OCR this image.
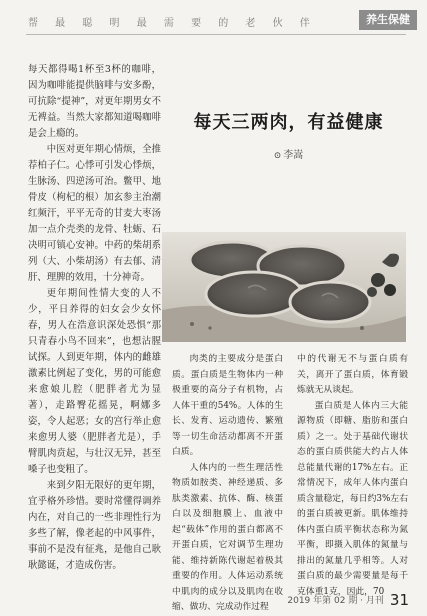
帮 最 聪 明 最 需 要 的 老 伙 伴	养生保健

每天都得喝1杯至3杯的咖啡，因为咖啡能提供脑啡与安多酚，可抗除“提神”，对更年期男女不无裨益。当然大家都知道喝咖啡是会上瘾的。

中医对更年期心情烦，全推荐柏子仁。心悸可引发心悸烦，生脉汤、四逆汤可治。鳖甲、地骨皮（枸杞的根）加玄参主治潮红频汗，平平无奇的甘麦大枣汤加一点介壳类的龙骨、牡蛎、石决明可镇心安神。中药的柴胡系列（大、小柴胡汤）有去郁、清肝、理脾的效用，十分神奇。

更年期间性情大变的人不少，平日养得的妇女会少女怀春，男人在浩意识深处恐惧“那只青春小鸟不回来”，也想沾腥试探。人到更年期，体内的雌雄激素比例起了变化，男的可能愈来愈娘儿腔（肥胖者尤为显著），走路臀花摇晃，啊娜多姿，令人起恶；女的宫行举止愈来愈男人婆（肥胖者尤是），手臂肌肉贲起，与壮汉无异，甚至嗓子也变粗了。

来到夕阳无限好的更年期，宜乎格外珍惜。要时常懂得调养内在，对自己的一些非理性行为多些了解，像老起的中风事件，事前不是没有征兆，是他自己耿耿懿诞，才造成伤害。

每天三两肉，有益健康
⊙ 李嵩

肉类的主要成分是蛋白质。蛋白质是生物体内一种极重要的高分子有机物，占人体干重的54%。人体的生长、发育、运动遗传、繁殖等一切生命活动都离不开蛋白质。

人体内的一些生理活性物质如胺类、神经递质、多肽类激素、抗体、酶、核蛋白以及细胞膜上、血液中起“载体”作用的蛋白都离不开蛋白质，它对调节生理功能、维持新陈代谢起着极其重要的作用。人体运动系统中肌肉的成分以及肌肉在收缩、做功、完成动作过程

中的代谢无不与蛋白质有关，离开了蛋白质，体育锻炼就无从谈起。

蛋白质是人体内三大能源物质（即糖、脂肪和蛋白质）之一。处于基础代谢状态的蛋白质供能大约占人体总能量代谢的17%左右。正常情况下，成年人体内蛋白质含量稳定，每日约3%左右的蛋白质被更新。肌体维持体内蛋白质平衡状态称为氮平衡，即摄入肌体的氮量与排出的氮量几乎相等。人对蛋白质的最少需要量是每千克体重1克，因此，70

2019 年第 02 期 · 月刊 31
